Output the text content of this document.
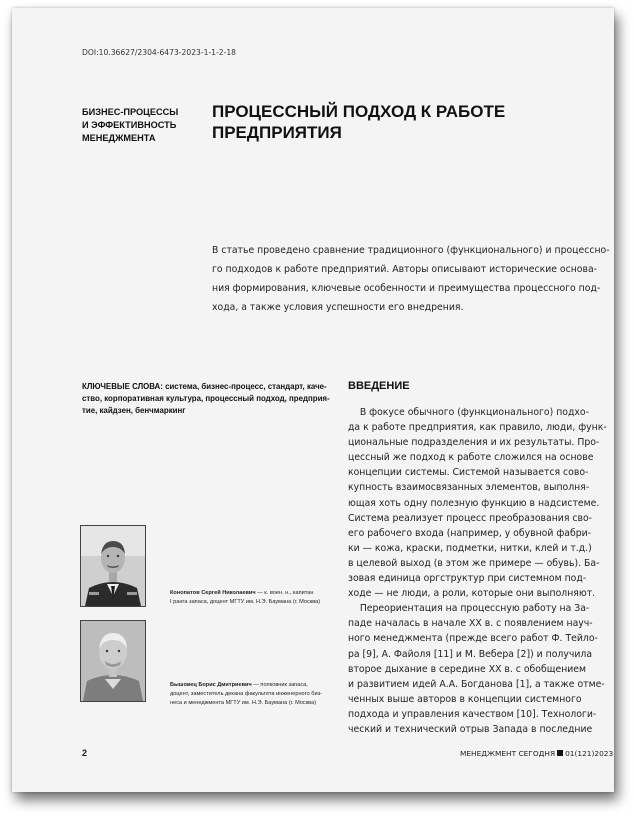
DOI:10.36627/2304-6473-2023-1-1-2-18
БИЗНЕС-ПРОЦЕССЫ
И ЭФФЕКТИВНОСТЬ
МЕНЕДЖМЕНТА
ПРОЦЕССНЫЙ ПОДХОД К РАБОТЕ
ПРЕДПРИЯТИЯ
В статье проведено сравнение традиционного (функционального) и процессно-
го подходов к работе предприятий. Авторы описывают исторические основа-
ния формирования, ключевые особенности и преимущества процессного под-
хода, а также условия успешности его внедрения.
КЛЮЧЕВЫЕ СЛОВА: система, бизнес-процесс, стандарт, каче-
ство, корпоративная культура, процессный подход, предприя-
тие, кайдзен, бенчмаркинг
Конопатов Сергей Николаевич — к. воен. н., капитан
I ранга запаса, доцент МГТУ им. Н.Э. Баумана (г. Москва)
Бышовец Борис Дмитриевич — полковник запаса,
доцент, заместитель декана факультета инженерного биз-
неса и менеджмента МГТУ им. Н.Э. Баумана (г. Москва)
ВВЕДЕНИЕ
В фокусе обычного (функционального) подхо-
да к работе предприятия, как правило, люди, функ-
циональные подразделения и их результаты. Про-
цессный же подход к работе сложился на основе
концепции системы. Системой называется сово-
купность взаимосвязанных элементов, выполня-
ющая хоть одну полезную функцию в надсистеме.
Система реализует процесс преобразования сво-
его рабочего входа (например, у обувной фабри-
ки — кожа, краски, подметки, нитки, клей и т.д.)
в целевой выход (в этом же примере — обувь). Ба-
зовая единица оргструктур при системном под-
ходе — не люди, а роли, которые они выполняют.
Переориентация на процессную работу на За-
паде началась в начале XX в. с появлением науч-
ного менеджмента (прежде всего работ Ф. Тейло-
ра [9], А. Файоля [11] и М. Вебера [2]) и получила
второе дыхание в середине XX в. с обобщением
и развитием идей А.А. Богданова [1], а также отме-
ченных выше авторов в концепции системного
подхода и управления качеством [10]. Технологи-
ческий и технический отрыв Запада в последние
2	МЕНЕДЖМЕНТ СЕГОДНЯ 01(121)2023
